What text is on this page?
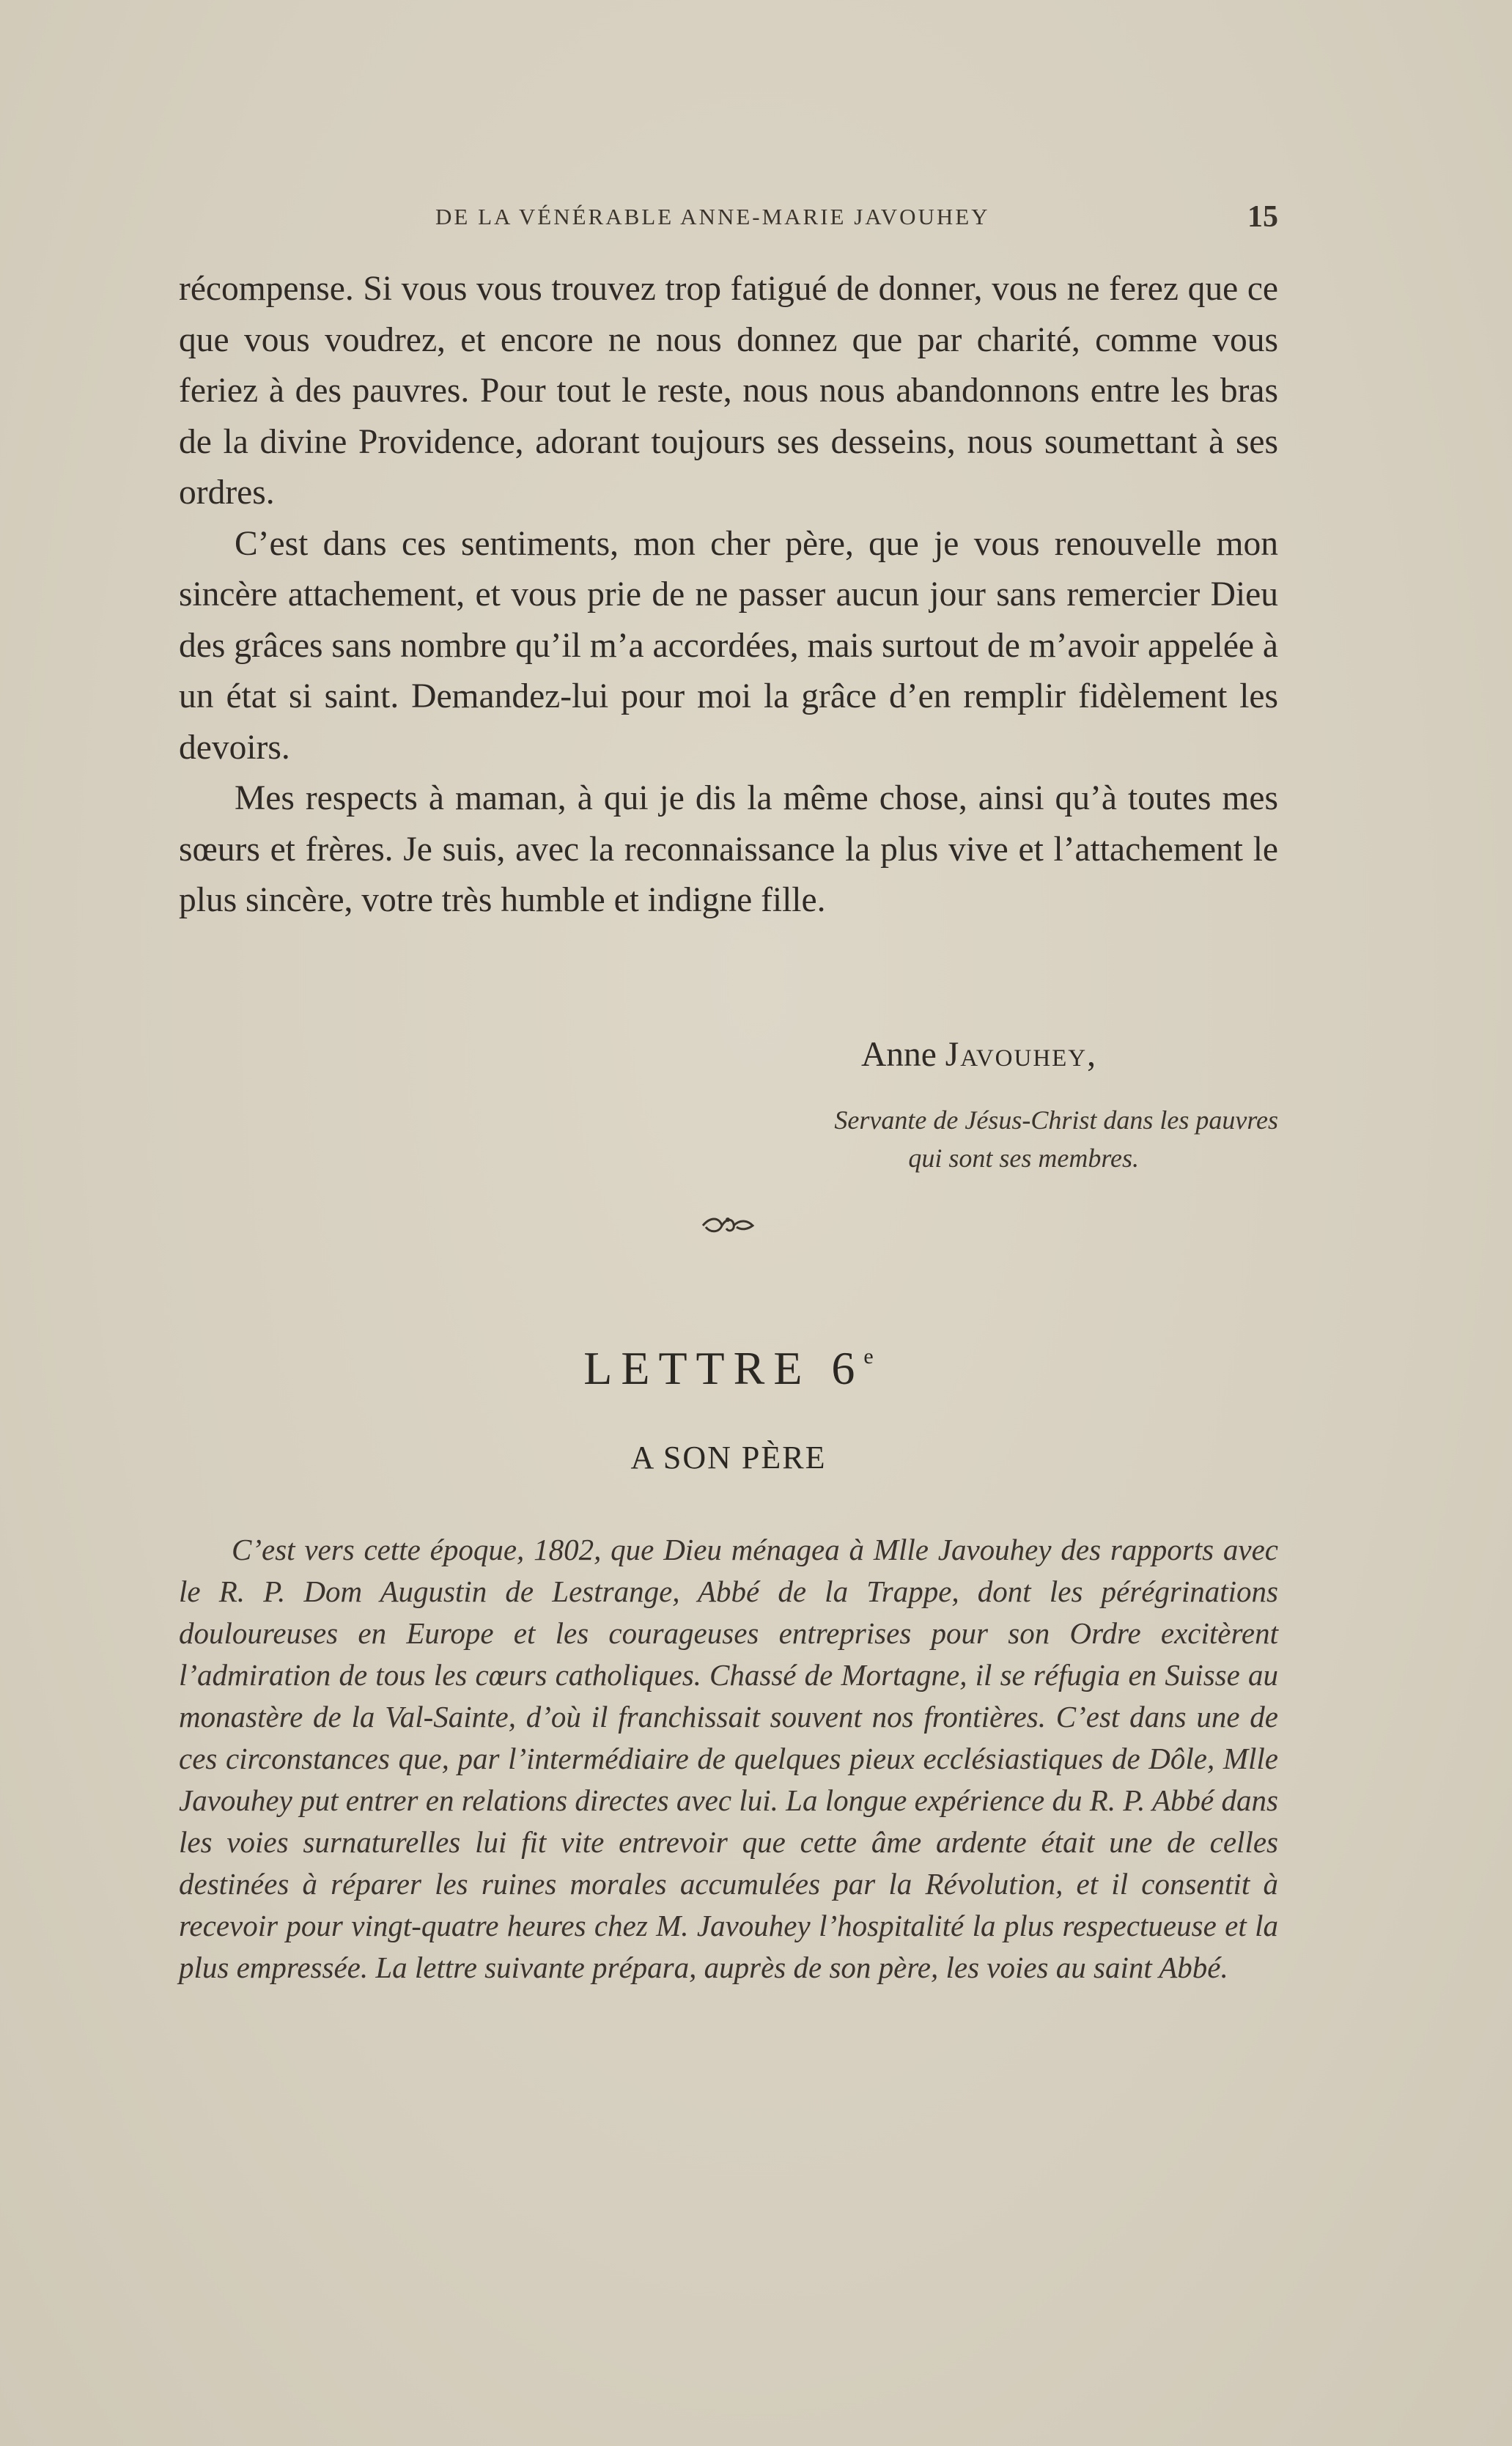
DE LA VÉNÉRABLE ANNE-MARIE JAVOUHEY	15

récompense. Si vous vous trouvez trop fatigué de donner, vous ne ferez que ce que vous voudrez, et encore ne nous donnez que par charité, comme vous feriez à des pauvres. Pour tout le reste, nous nous abandonnons entre les bras de la divine Providence, adorant toujours ses desseins, nous soumettant à ses ordres.

C’est dans ces sentiments, mon cher père, que je vous renouvelle mon sincère attachement, et vous prie de ne passer aucun jour sans remercier Dieu des grâces sans nombre qu’il m’a accordées, mais surtout de m’avoir appelée à un état si saint. Demandez-lui pour moi la grâce d’en remplir fidèlement les devoirs.

Mes respects à maman, à qui je dis la même chose, ainsi qu’à toutes mes sœurs et frères. Je suis, avec la reconnaissance la plus vive et l’attachement le plus sincère, votre très humble et indigne fille.

Anne Javouhey,
Servante de Jésus-Christ dans les pauvres
qui sont ses membres.
LETTRE 6e
A SON PÈRE

C’est vers cette époque, 1802, que Dieu ménagea à Mlle Javouhey des rapports avec le R. P. Dom Augustin de Lestrange, Abbé de la Trappe, dont les pérégrinations douloureuses en Europe et les courageuses entreprises pour son Ordre excitèrent l’admiration de tous les cœurs catholiques. Chassé de Mortagne, il se réfugia en Suisse au monastère de la Val-Sainte, d’où il franchissait souvent nos frontières. C’est dans une de ces circonstances que, par l’intermédiaire de quelques pieux ecclésiastiques de Dôle, Mlle Javouhey put entrer en relations directes avec lui. La longue expérience du R. P. Abbé dans les voies surnaturelles lui fit vite entrevoir que cette âme ardente était une de celles destinées à réparer les ruines morales accumulées par la Révolution, et il consentit à recevoir pour vingt-quatre heures chez M. Javouhey l’hospitalité la plus respectueuse et la plus empressée. La lettre suivante prépara, auprès de son père, les voies au saint Abbé.
